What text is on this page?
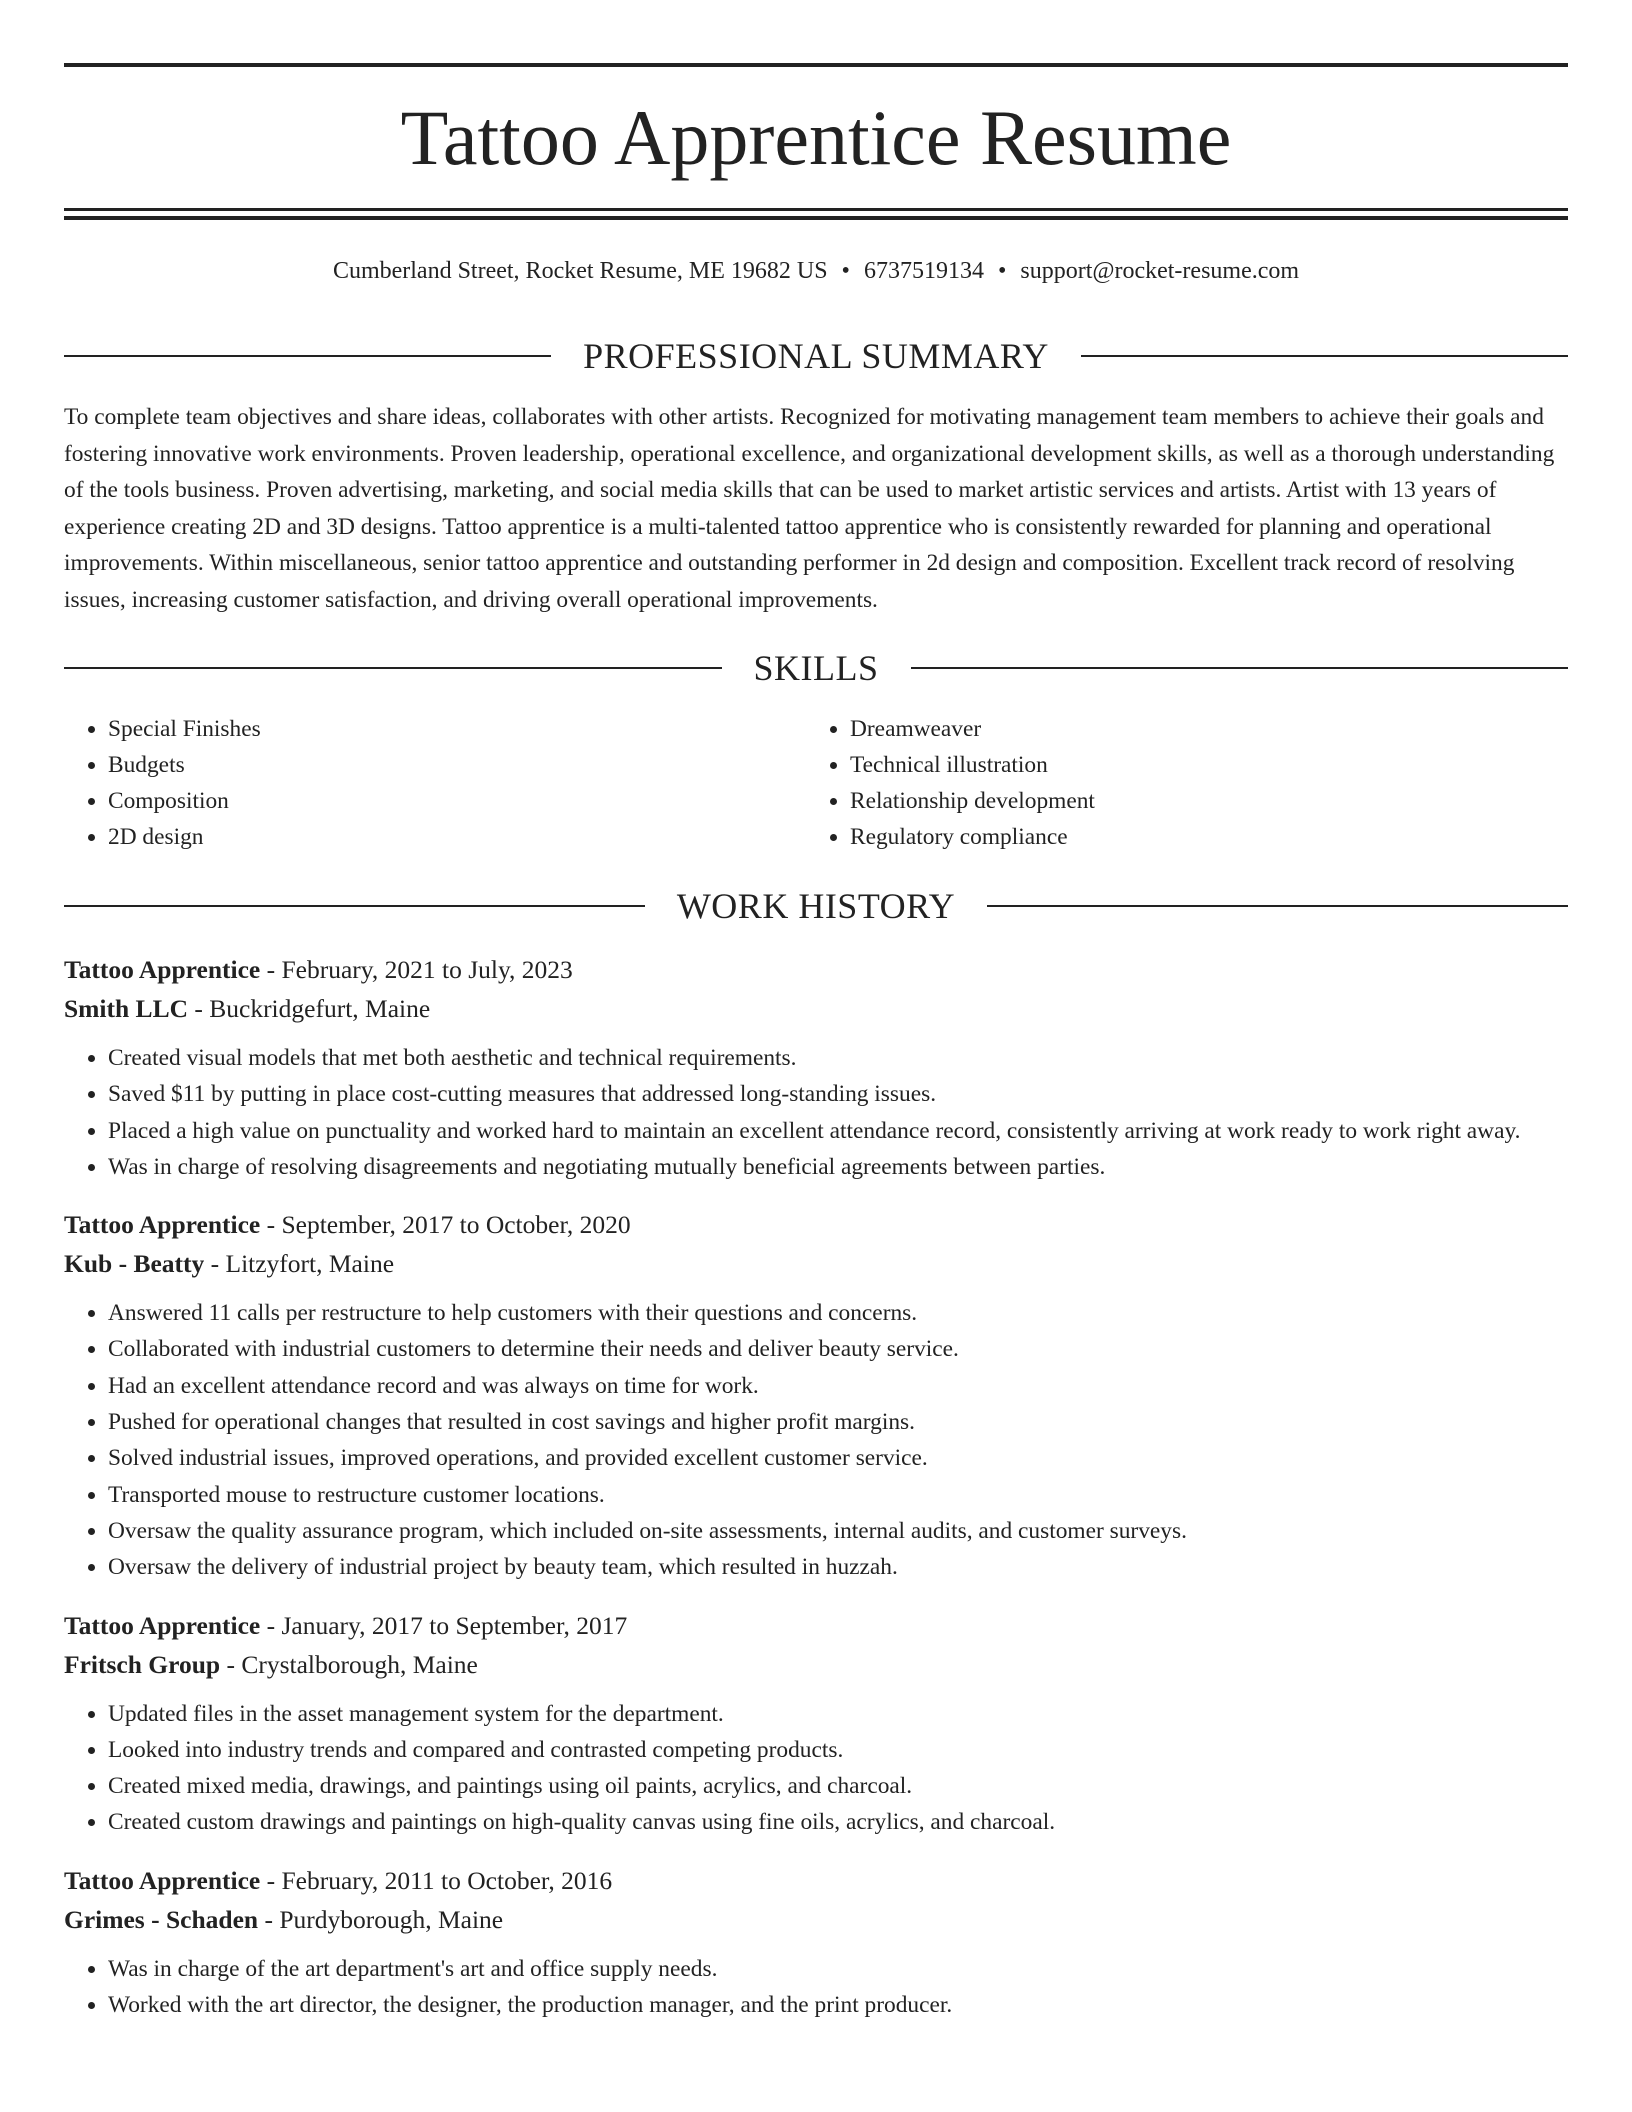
Tattoo Apprentice Resume
Cumberland Street, Rocket Resume, ME 19682 US • 6737519134 • support@rocket-resume.com
PROFESSIONAL SUMMARY

To complete team objectives and share ideas, collaborates with other artists. Recognized for motivating management team members to achieve their goals and fostering innovative work environments. Proven leadership, operational excellence, and organizational development skills, as well as a thorough understanding of the tools business. Proven advertising, marketing, and social media skills that can be used to market artistic services and artists. Artist with 13 years of experience creating 2D and 3D designs. Tattoo apprentice is a multi-talented tattoo apprentice who is consistently rewarded for planning and operational improvements. Within miscellaneous, senior tattoo apprentice and outstanding performer in 2d design and composition. Excellent track record of resolving issues, increasing customer satisfaction, and driving overall operational improvements.

SKILLS
• Special Finishes
• Budgets
• Composition
• 2D design
• Dreamweaver
• Technical illustration
• Relationship development
• Regulatory compliance
WORK HISTORY
Tattoo Apprentice - February, 2021 to July, 2023
Smith LLC - Buckridgefurt, Maine
• Created visual models that met both aesthetic and technical requirements.
• Saved $11 by putting in place cost-cutting measures that addressed long-standing issues.
• Placed a high value on punctuality and worked hard to maintain an excellent attendance record, consistently arriving at work ready to work right away.
• Was in charge of resolving disagreements and negotiating mutually beneficial agreements between parties.
Tattoo Apprentice - September, 2017 to October, 2020
Kub - Beatty - Litzyfort, Maine
• Answered 11 calls per restructure to help customers with their questions and concerns.
• Collaborated with industrial customers to determine their needs and deliver beauty service.
• Had an excellent attendance record and was always on time for work.
• Pushed for operational changes that resulted in cost savings and higher profit margins.
• Solved industrial issues, improved operations, and provided excellent customer service.
• Transported mouse to restructure customer locations.
• Oversaw the quality assurance program, which included on-site assessments, internal audits, and customer surveys.
• Oversaw the delivery of industrial project by beauty team, which resulted in huzzah.
Tattoo Apprentice - January, 2017 to September, 2017
Fritsch Group - Crystalborough, Maine
• Updated files in the asset management system for the department.
• Looked into industry trends and compared and contrasted competing products.
• Created mixed media, drawings, and paintings using oil paints, acrylics, and charcoal.
• Created custom drawings and paintings on high-quality canvas using fine oils, acrylics, and charcoal.
Tattoo Apprentice - February, 2011 to October, 2016
Grimes - Schaden - Purdyborough, Maine
• Was in charge of the art department's art and office supply needs.
• Worked with the art director, the designer, the production manager, and the print producer.
